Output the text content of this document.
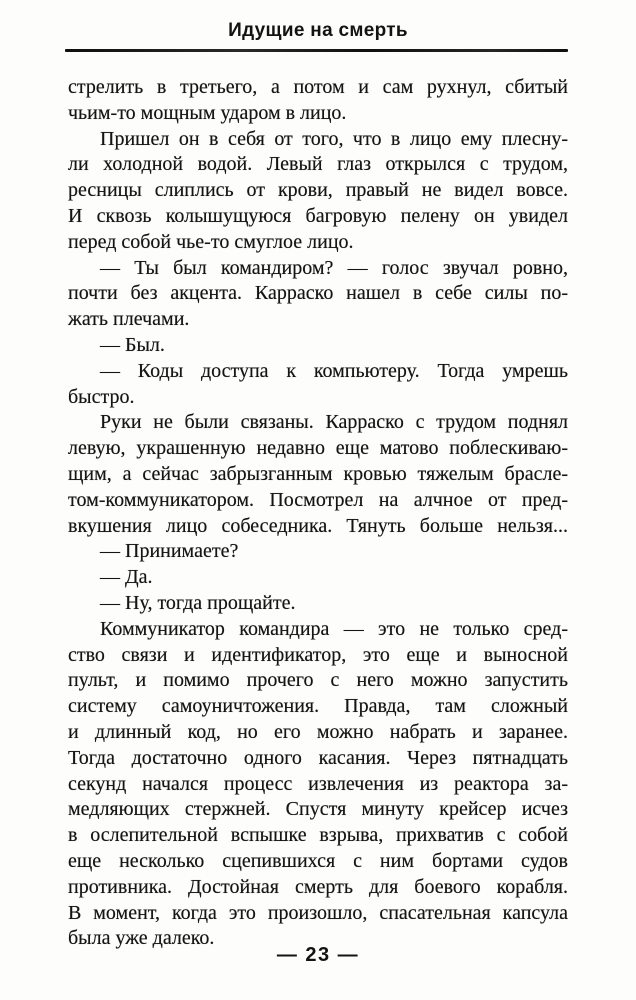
Идущие на смерть
стрелить в третьего, а потом и сам рухнул, сбитый
чьим-то мощным ударом в лицо.
Пришел он в себя от того, что в лицо ему плесну-
ли холодной водой. Левый глаз открылся с трудом,
ресницы слиплись от крови, правый не видел вовсе.
И сквозь колышущуюся багровую пелену он увидел
перед собой чье-то смуглое лицо.
— Ты был командиром? — голос звучал ровно,
почти без акцента. Карраско нашел в себе силы по-
жать плечами.
— Был.
— Коды доступа к компьютеру. Тогда умрешь
быстро.
Руки не были связаны. Карраско с трудом поднял
левую, украшенную недавно еще матово поблескиваю-
щим, а сейчас забрызганным кровью тяжелым брасле-
том-коммуникатором. Посмотрел на алчное от пред-
вкушения лицо собеседника. Тянуть больше нельзя...
— Принимаете?
— Да.
— Ну, тогда прощайте.
Коммуникатор командира — это не только сред-
ство связи и идентификатор, это еще и выносной
пульт, и помимо прочего с него можно запустить
систему самоуничтожения. Правда, там сложный
и длинный код, но его можно набрать и заранее.
Тогда достаточно одного касания. Через пятнадцать
секунд начался процесс извлечения из реактора за-
медляющих стержней. Спустя минуту крейсер исчез
в ослепительной вспышке взрыва, прихватив с собой
еще несколько сцепившихся с ним бортами судов
противника. Достойная смерть для боевого корабля.
В момент, когда это произошло, спасательная капсула
была уже далеко.
— 23 —
